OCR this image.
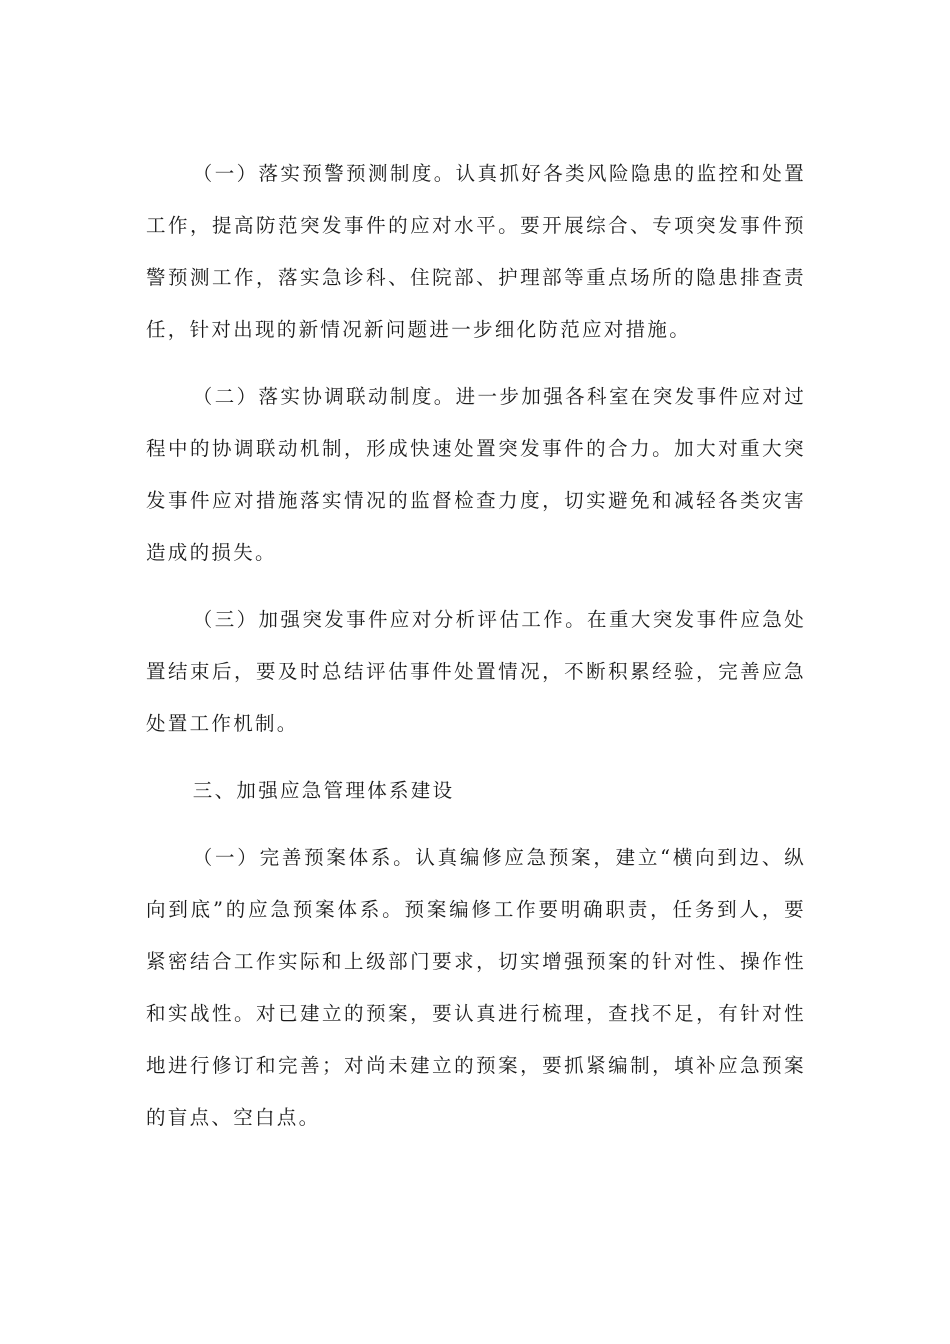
（一）落实预警预测制度。认真抓好各类风险隐患的监控和处置工作，提高防范突发事件的应对水平。要开展综合、专项突发事件预警预测工作，落实急诊科、住院部、护理部等重点场所的隐患排查责任，针对出现的新情况新问题进一步细化防范应对措施。

（二）落实协调联动制度。进一步加强各科室在突发事件应对过程中的协调联动机制，形成快速处置突发事件的合力。加大对重大突发事件应对措施落实情况的监督检查力度，切实避免和减轻各类灾害造成的损失。

（三）加强突发事件应对分析评估工作。在重大突发事件应急处置结束后，要及时总结评估事件处置情况，不断积累经验，完善应急处置工作机制。

三、加强应急管理体系建设

（一）完善预案体系。认真编修应急预案，建立“横向到边、纵向到底”的应急预案体系。预案编修工作要明确职责，任务到人，要紧密结合工作实际和上级部门要求，切实增强预案的针对性、操作性和实战性。对已建立的预案，要认真进行梳理，查找不足，有针对性地进行修订和完善；对尚未建立的预案，要抓紧编制，填补应急预案的盲点、空白点。
